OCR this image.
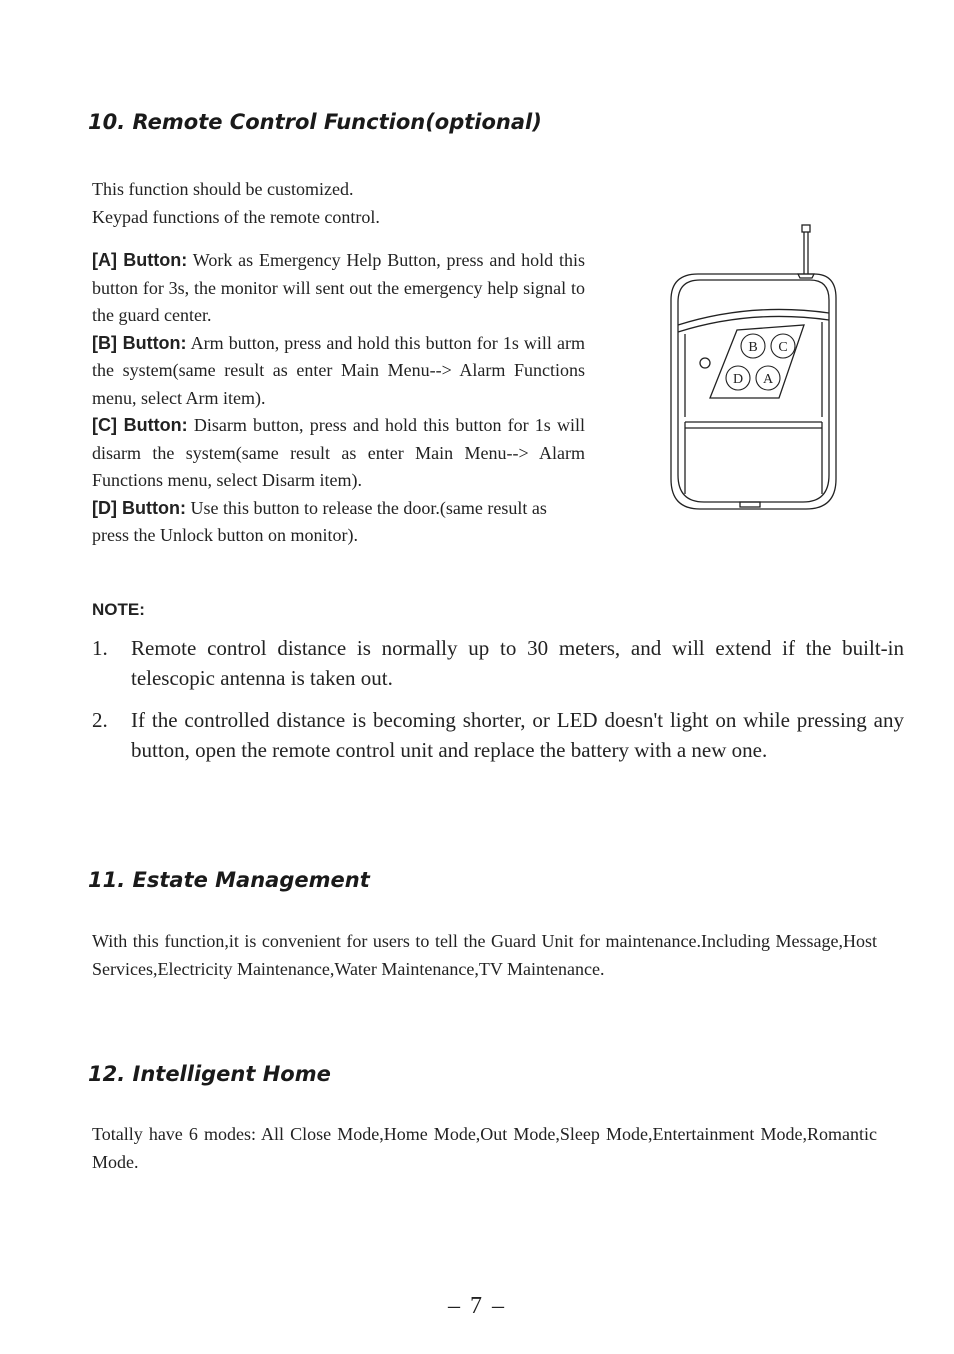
10. Remote Control Function(optional)
This function should be customized.
Keypad functions of the remote control.
[A] Button: Work as Emergency Help Button, press and hold this button for 3s, the monitor will sent out the emergency help signal to the guard center.
[B] Button: Arm button, press and hold this button for 1s will arm the system(same result as enter Main Menu--> Alarm Functions menu, select Arm item).
[C] Button: Disarm button, press and hold this button for 1s will disarm the system(same result as enter Main Menu--> Alarm Functions menu, select Disarm item).
[D] Button: Use this button to release the door.(same result as press the Unlock button on monitor).
B C
D A
NOTE:
1. Remote control distance is normally up to 30 meters, and will extend if the built-in telescopic antenna is taken out.
2. If the controlled distance is becoming shorter, or LED doesn't light on while pressing any button, open the remote control unit and replace the battery with a new one.
11. Estate Management
With this function,it is convenient for users to tell the Guard Unit for maintenance.Including Message,Host Services,Electricity Maintenance,Water Maintenance,TV Maintenance.
12. Intelligent Home
Totally have 6 modes: All Close Mode,Home Mode,Out Mode,Sleep Mode,Entertainment Mode,Romantic Mode.
– 7 –
